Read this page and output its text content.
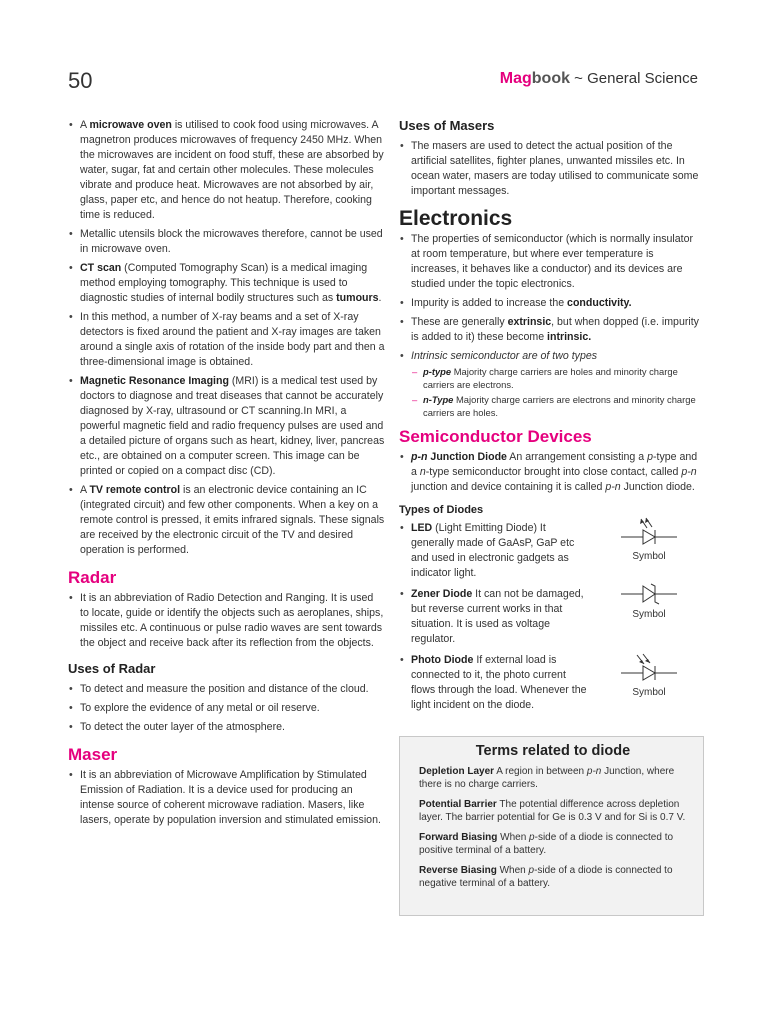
50	Magbook ~ General Science
• A microwave oven is utilised to cook food using microwaves. A magnetron produces microwaves of frequency 2450 MHz. When the microwaves are incident on food stuff, these are absorbed by water, sugar, fat and certain other molecules. These molecules vibrate and produce heat. Microwaves are not absorbed by air, glass, paper etc, and hence do not heatup. Therefore, cooking time is reduced.
• Metallic utensils block the microwaves therefore, cannot be used in microwave oven.
• CT scan (Computed Tomography Scan) is a medical imaging method employing tomography. This technique is used to diagnostic studies of internal bodily structures such as tumours.
• In this method, a number of X-ray beams and a set of X-ray detectors is fixed around the patient and X-ray images are taken around a single axis of rotation of the inside body part and then a three-dimensional image is obtained.
• Magnetic Resonance Imaging (MRI) is a medical test used by doctors to diagnose and treat diseases that cannot be accurately diagnosed by X-ray, ultrasound or CT scanning.In MRI, a powerful magnetic field and radio frequency pulses are used and a detailed picture of organs such as heart, kidney, liver, pancreas etc., are obtained on a computer screen. This image can be printed or copied on a compact disc (CD).
• A TV remote control is an electronic device containing an IC (integrated circuit) and few other components. When a key on a remote control is pressed, it emits infrared signals. These signals are received by the electronic circuit of the TV and desired operation is performed.
Radar
• It is an abbreviation of Radio Detection and Ranging. It is used to locate, guide or identify the objects such as aeroplanes, ships, missiles etc. A continuous or pulse radio waves are sent towards the object and receive back after its reflection from the objects.
Uses of Radar
• To detect and measure the position and distance of the cloud.
• To explore the evidence of any metal or oil reserve.
• To detect the outer layer of the atmosphere.
Maser
• It is an abbreviation of Microwave Amplification by Stimulated Emission of Radiation. It is a device used for producing an intense source of coherent microwave radiation. Masers, like lasers, operate by population inversion and stimulated emission.
Uses of Masers
• The masers are used to detect the actual position of the artificial satellites, fighter planes, unwanted missiles etc. In ocean water, masers are today utilised to communicate some important messages.
Electronics
• The properties of semiconductor (which is normally insulator at room temperature, but where ever temperature is increases, it behaves like a conductor) and its devices are studied under the topic electronics.
• Impurity is added to increase the conductivity.
• These are generally extrinsic, but when dopped (i.e. impurity is added to it) these become intrinsic.
• Intrinsic semiconductor are of two types
– p-type Majority charge carriers are holes and minority charge carriers are electrons.
– n-Type Majority charge carriers are electrons and minority charge carriers are holes.
Semiconductor Devices
• p-n Junction Diode An arrangement consisting a p-type and a n-type semiconductor brought into close contact, called p-n junction and device containing it is called p-n Junction diode.
Types of Diodes
• LED (Light Emitting Diode) It generally made of GaAsP, GaP etc and used in electronic gadgets as indicator light.
Symbol
• Zener Diode It can not be damaged, but reverse current works in that situation. It is used as voltage regulator.
Symbol
• Photo Diode If external load is connected to it, the photo current flows through the load. Whenever the light incident on the diode.
Symbol
Terms related to diode

Depletion Layer A region in between p-n Junction, where there is no charge carriers.

Potential Barrier The potential difference across depletion layer. The barrier potential for Ge is 0.3 V and for Si is 0.7 V.

Forward Biasing When p-side of a diode is connected to positive terminal of a battery.

Reverse Biasing When p-side of a diode is connected to negative terminal of a battery.
